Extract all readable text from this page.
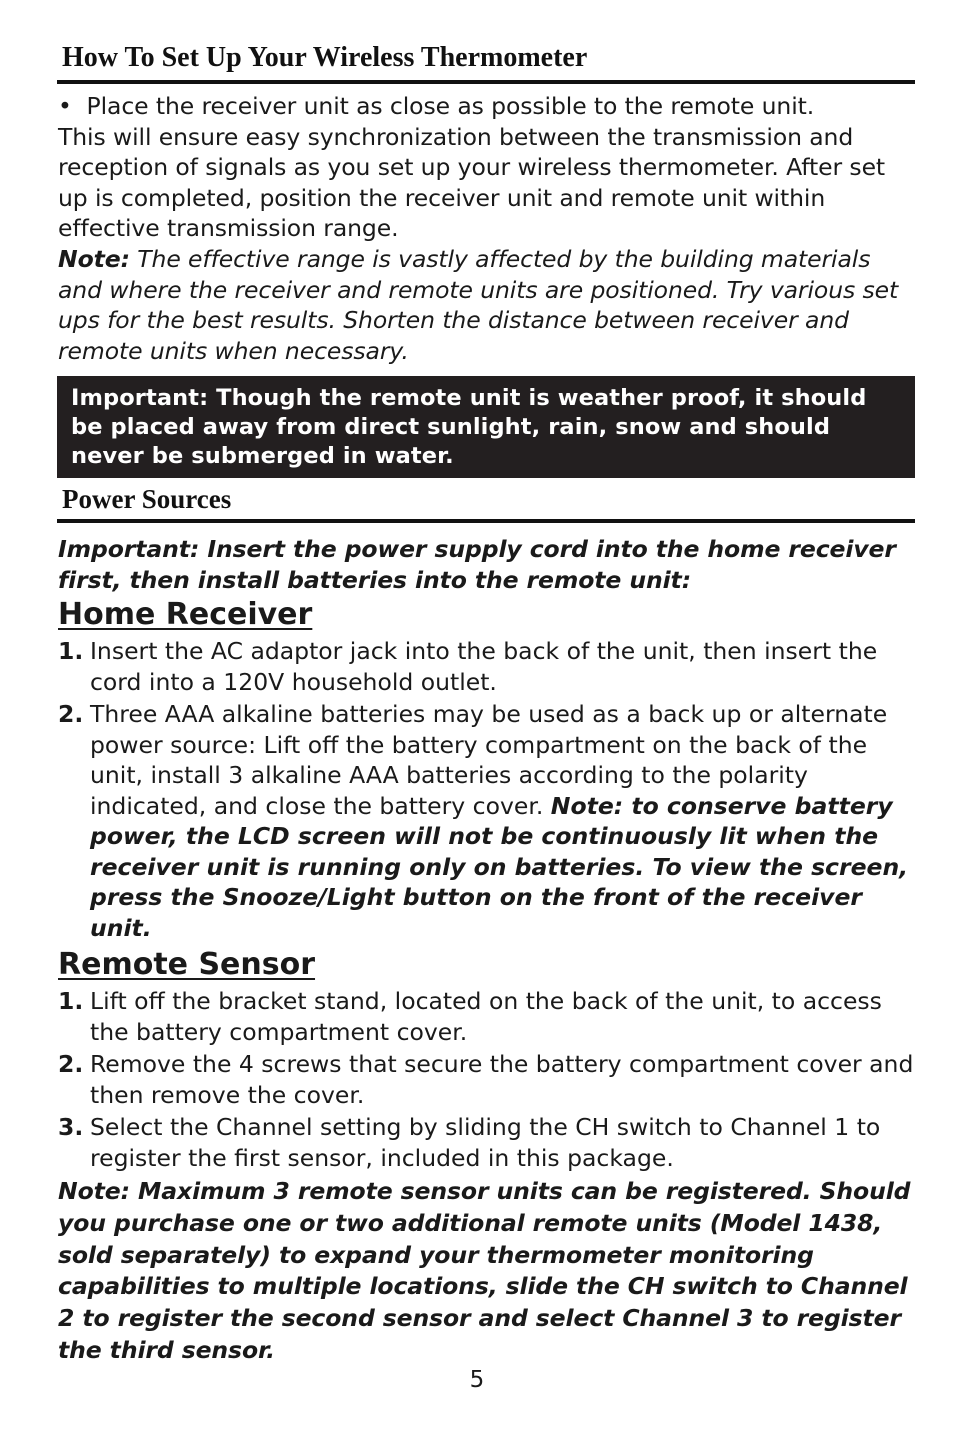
How To Set Up Your Wireless Thermometer
• Place the receiver unit as close as possible to the remote unit.
This will ensure easy synchronization between the transmission and reception of signals as you set up your wireless thermometer. After set up is completed, position the receiver unit and remote unit within effective transmission range.
Note: The effective range is vastly affected by the building materials and where the receiver and remote units are positioned. Try various set ups for the best results. Shorten the distance between receiver and remote units when necessary.

Important: Though the remote unit is weather proof, it should be placed away from direct sunlight, rain, snow and should never be submerged in water.

Power Sources

Important: Insert the power supply cord into the home receiver first, then install batteries into the remote unit:

Home Receiver
1. Insert the AC adaptor jack into the back of the unit, then insert the cord into a 120V household outlet.
2. Three AAA alkaline batteries may be used as a back up or alternate power source: Lift off the battery compartment on the back of the unit, install 3 alkaline AAA batteries according to the polarity indicated, and close the battery cover. Note: to conserve battery power, the LCD screen will not be continuously lit when the receiver unit is running only on batteries. To view the screen, press the Snooze/Light button on the front of the receiver unit.
Remote Sensor
1. Lift off the bracket stand, located on the back of the unit, to access the battery compartment cover.
2. Remove the 4 screws that secure the battery compartment cover and then remove the cover.
3. Select the Channel setting by sliding the CH switch to Channel 1 to register the first sensor, included in this package.

Note: Maximum 3 remote sensor units can be registered. Should you purchase one or two additional remote units (Model 1438, sold separately) to expand your thermometer monitoring capabilities to multiple locations, slide the CH switch to Channel 2 to register the second sensor and select Channel 3 to register the third sensor.

5
